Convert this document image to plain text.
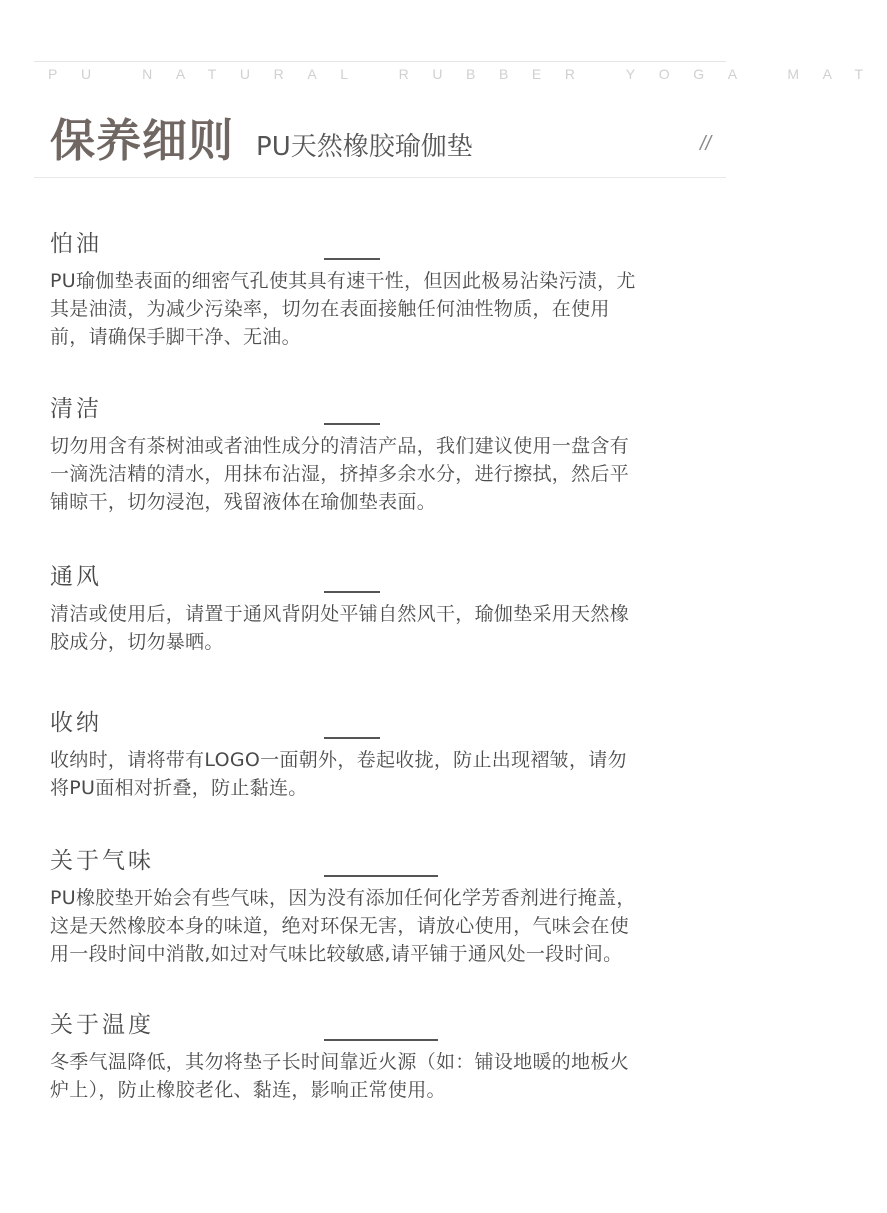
PU NATURAL RUBBER YOGA MAT
保养细则 PU天然橡胶瑜伽垫	//
怕油
PU瑜伽垫表面的细密气孔使其具有速干性，但因此极易沾染污渍，尤
其是油渍，为减少污染率，切勿在表面接触任何油性物质，在使用
前，请确保手脚干净、无油。
清洁
切勿用含有茶树油或者油性成分的清洁产品，我们建议使用一盘含有
一滴洗洁精的清水，用抹布沾湿，挤掉多余水分，进行擦拭，然后平
铺晾干，切勿浸泡，残留液体在瑜伽垫表面。
通风
清洁或使用后，请置于通风背阴处平铺自然风干，瑜伽垫采用天然橡
胶成分，切勿暴晒。
收纳
收纳时，请将带有LOGO一面朝外，卷起收拢，防止出现褶皱，请勿
将PU面相对折叠，防止黏连。
关于气味
PU橡胶垫开始会有些气味，因为没有添加任何化学芳香剂进行掩盖，
这是天然橡胶本身的味道，绝对环保无害，请放心使用，气味会在使
用一段时间中消散,如过对气味比较敏感,请平铺于通风处一段时间。
关于温度
冬季气温降低，其勿将垫子长时间靠近火源（如：铺设地暖的地板火
炉上），防止橡胶老化、黏连，影响正常使用。
